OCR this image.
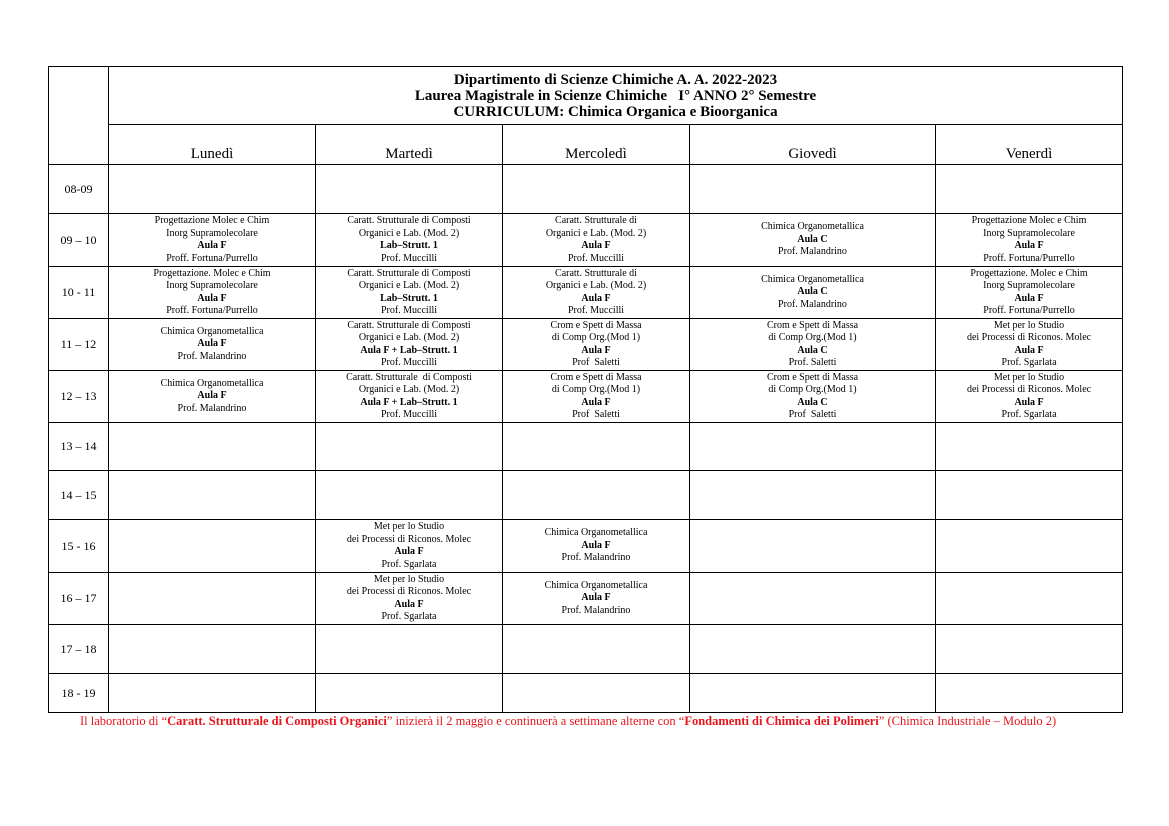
	Dipartimento di Scienze Chimiche A. A. 2022-2023
Laurea Magistrale in Scienze Chimiche   I° ANNO 2° Semestre
CURRICULUM: Chimica Organica e Bioorganica				

	Lunedì	Martedì	Mercoledì	Giovedì	Venerdì
08-09					
09 – 10	Progettazione Molec e Chim
Inorg Supramolecolare
Aula F
Proff. Fortuna/Purrello	Caratt. Strutturale di Composti
Organici e Lab. (Mod. 2)
Lab–Strutt. 1
Prof. Muccilli	Caratt. Strutturale di
Organici e Lab. (Mod. 2)
Aula F
Prof. Muccilli	Chimica Organometallica
Aula C
Prof. Malandrino	Progettazione Molec e Chim
Inorg Supramolecolare
Aula F
Proff. Fortuna/Purrello

10 - 11	Progettazione. Molec e Chim
Inorg Supramolecolare
Aula F
Proff. Fortuna/Purrello	Caratt. Strutturale di Composti
Organici e Lab. (Mod. 2)
Lab–Strutt. 1
Prof. Muccilli	Caratt. Strutturale di
Organici e Lab. (Mod. 2)
Aula F
Prof. Muccilli	Chimica Organometallica
Aula C
Prof. Malandrino	Progettazione. Molec e Chim
Inorg Supramolecolare
Aula F
Proff. Fortuna/Purrello

11 – 12	Chimica Organometallica
Aula F
Prof. Malandrino	Caratt. Strutturale di Composti
Organici e Lab. (Mod. 2)
Aula F + Lab–Strutt. 1
Prof. Muccilli	Crom e Spett di Massa
di Comp Org.(Mod 1)
Aula F
Prof  Saletti	Crom e Spett di Massa
di Comp Org.(Mod 1)
Aula C
Prof. Saletti	Met per lo Studio
dei Processi di Riconos. Molec
Aula F
Prof. Sgarlata

12 – 13	Chimica Organometallica
Aula F
Prof. Malandrino	Caratt. Strutturale  di Composti
Organici e Lab. (Mod. 2)
Aula F + Lab–Strutt. 1
Prof. Muccilli	Crom e Spett di Massa
di Comp Org.(Mod 1)
Aula F
Prof  Saletti	Crom e Spett di Massa
di Comp Org.(Mod 1)
Aula C
Prof  Saletti	Met per lo Studio
dei Processi di Riconos. Molec
Aula F
Prof. Sgarlata

13 – 14					
14 – 15					
15 - 16		Met per lo Studio
dei Processi di Riconos. Molec
Aula F
Prof. Sgarlata	Chimica Organometallica
Aula F
Prof. Malandrino		

16 – 17		Met per lo Studio
dei Processi di Riconos. Molec
Aula F
Prof. Sgarlata	Chimica Organometallica
Aula F
Prof. Malandrino		

17 – 18					
18 - 19					
Il laboratorio di “Caratt. Strutturale di Composti Organici” inizierà il 2 maggio e continuerà a settimane alterne con “Fondamenti di Chimica dei Polimeri” (Chimica Industriale – Modulo 2)
